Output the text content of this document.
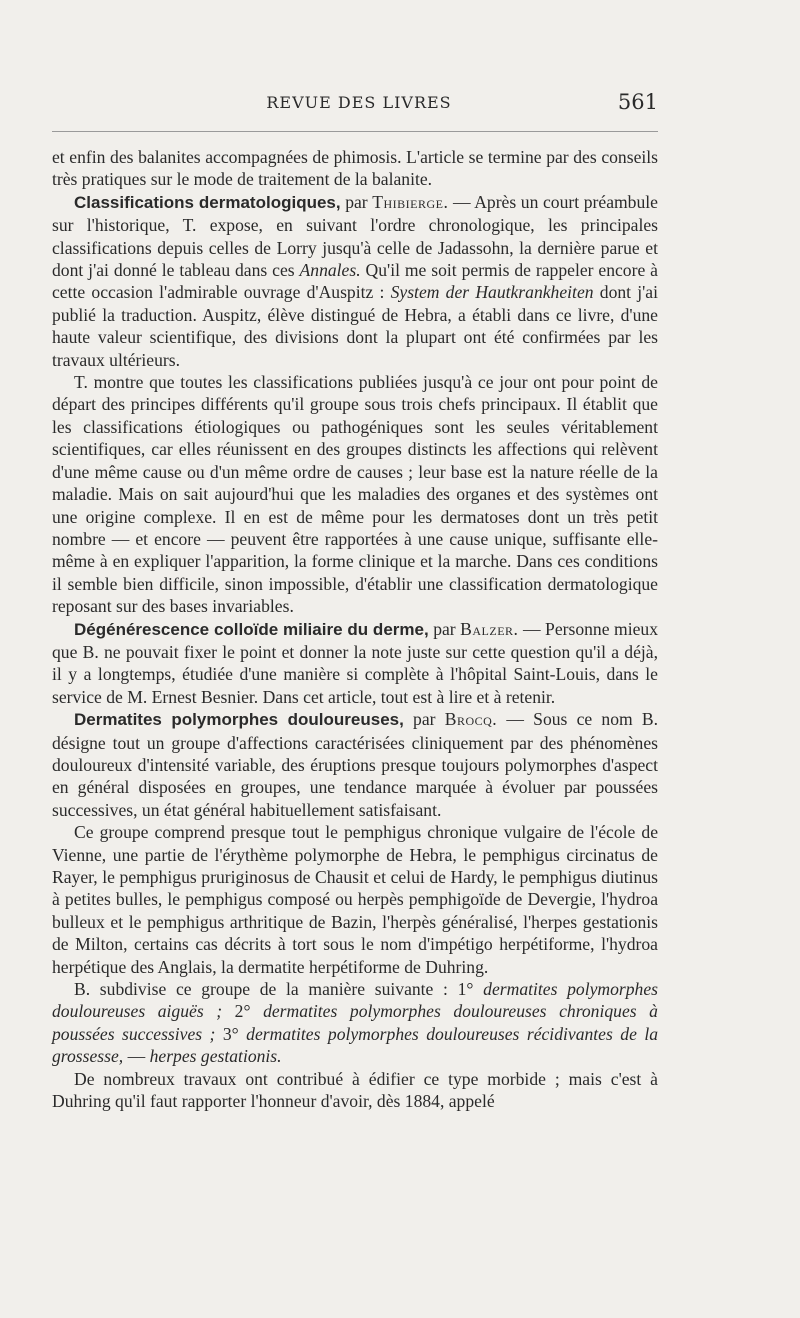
REVUE DES LIVRES	561

et enfin des balanites accompagnées de phimosis. L'article se termine par des conseils très pratiques sur le mode de traitement de la balanite.

Classifications dermatologiques, par Thibierge. — Après un court préambule sur l'historique, T. expose, en suivant l'ordre chronologique, les principales classifications depuis celles de Lorry jusqu'à celle de Jadassohn, la dernière parue et dont j'ai donné le tableau dans ces Annales. Qu'il me soit permis de rappeler encore à cette occasion l'admirable ouvrage d'Auspitz : System der Hautkrankheiten dont j'ai publié la traduction. Auspitz, élève distingué de Hebra, a établi dans ce livre, d'une haute valeur scientifique, des divisions dont la plupart ont été confirmées par les travaux ultérieurs.

T. montre que toutes les classifications publiées jusqu'à ce jour ont pour point de départ des principes différents qu'il groupe sous trois chefs principaux. Il établit que les classifications étiologiques ou pathogéniques sont les seules véritablement scientifiques, car elles réunissent en des groupes distincts les affections qui relèvent d'une même cause ou d'un même ordre de causes ; leur base est la nature réelle de la maladie. Mais on sait aujourd'hui que les maladies des organes et des systèmes ont une origine complexe. Il en est de même pour les dermatoses dont un très petit nombre — et encore — peuvent être rapportées à une cause unique, suffisante elle-même à en expliquer l'apparition, la forme clinique et la marche. Dans ces conditions il semble bien difficile, sinon impossible, d'établir une classification dermatologique reposant sur des bases invariables.

Dégénérescence colloïde miliaire du derme, par Balzer. — Personne mieux que B. ne pouvait fixer le point et donner la note juste sur cette question qu'il a déjà, il y a longtemps, étudiée d'une manière si complète à l'hôpital Saint-Louis, dans le service de M. Ernest Besnier. Dans cet article, tout est à lire et à retenir.

Dermatites polymorphes douloureuses, par Brocq. — Sous ce nom B. désigne tout un groupe d'affections caractérisées cliniquement par des phénomènes douloureux d'intensité variable, des éruptions presque toujours polymorphes d'aspect en général disposées en groupes, une tendance marquée à évoluer par poussées successives, un état général habituellement satisfaisant.

Ce groupe comprend presque tout le pemphigus chronique vulgaire de l'école de Vienne, une partie de l'érythème polymorphe de Hebra, le pemphigus circinatus de Rayer, le pemphigus pruriginosus de Chausit et celui de Hardy, le pemphigus diutinus à petites bulles, le pemphigus composé ou herpès pemphigoïde de Devergie, l'hydroa bulleux et le pemphigus arthritique de Bazin, l'herpès généralisé, l'herpes gestationis de Milton, certains cas décrits à tort sous le nom d'impétigo herpétiforme, l'hydroa herpétique des Anglais, la dermatite herpétiforme de Duhring.

B. subdivise ce groupe de la manière suivante : 1° dermatites polymorphes douloureuses aiguës ; 2° dermatites polymorphes douloureuses chroniques à poussées successives ; 3° dermatites polymorphes douloureuses récidivantes de la grossesse, — herpes gestationis.

De nombreux travaux ont contribué à édifier ce type morbide ; mais c'est à Duhring qu'il faut rapporter l'honneur d'avoir, dès 1884, appelé
